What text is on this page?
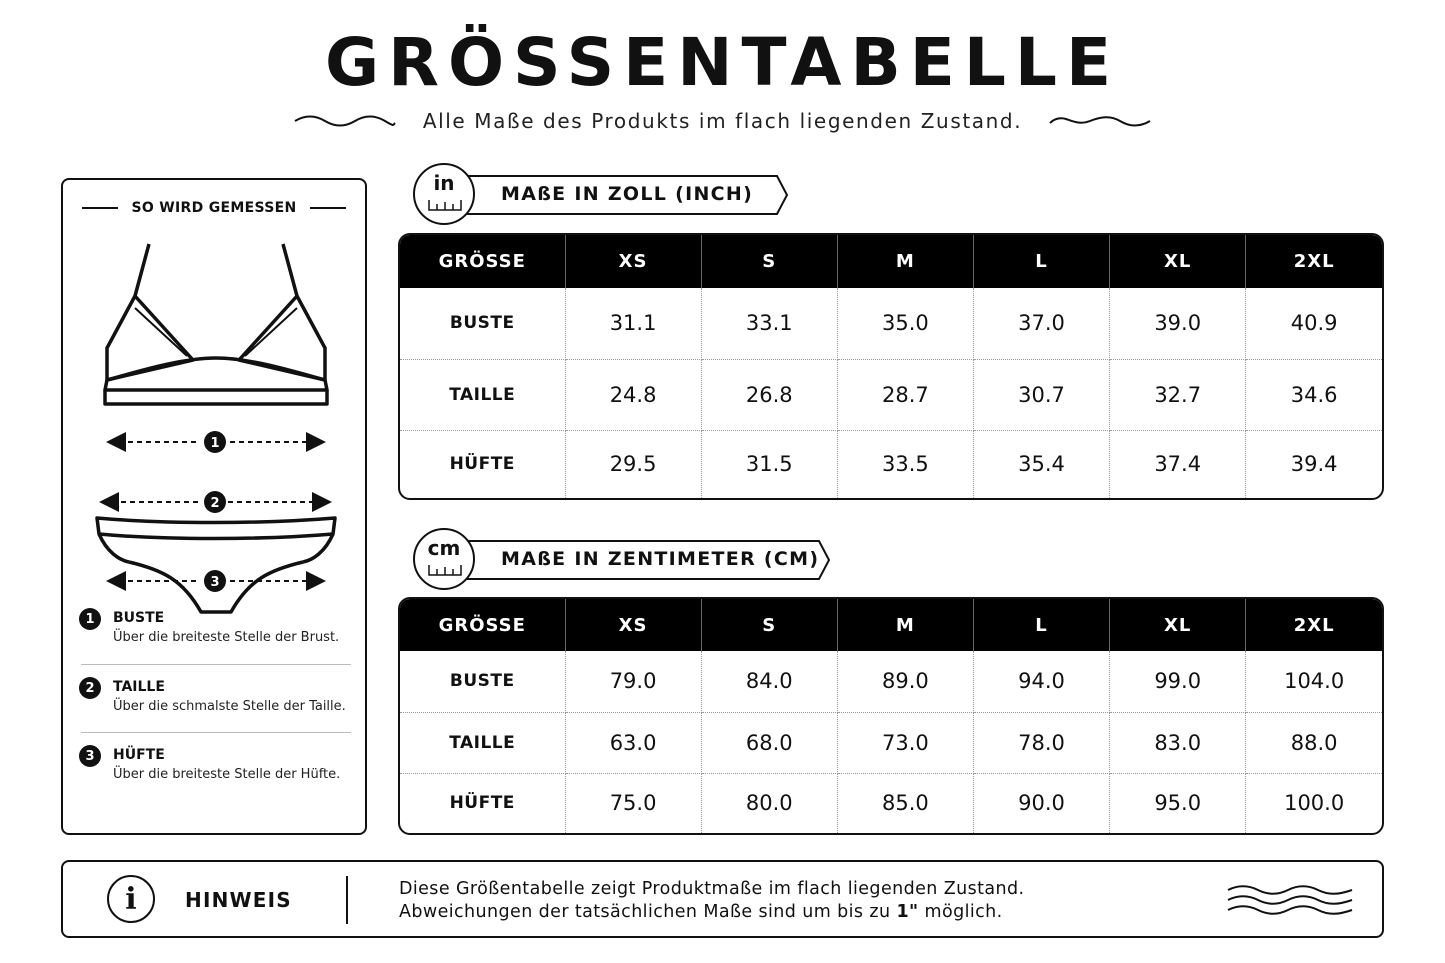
GRÖSSENTABELLE
Alle Maße des Produkts im flach liegenden Zustand.
SO WIRD GEMESSEN
1
2
3
1	BUSTE
Über die breiteste Stelle der Brust.
2	TAILLE
Über die schmalste Stelle der Taille.
3	HÜFTE
Über die breiteste Stelle der Hüfte.
in	MAßE IN ZOLL (INCH)
GRÖSSE	XS	S	M	L	XL	2XL
BUSTE	31.1	33.1	35.0	37.0	39.0	40.9
TAILLE	24.8	26.8	28.7	30.7	32.7	34.6
HÜFTE	29.5	31.5	33.5	35.4	37.4	39.4
cm	MAßE IN ZENTIMETER (CM)
GRÖSSE	XS	S	M	L	XL	2XL
BUSTE	79.0	84.0	89.0	94.0	99.0	104.0
TAILLE	63.0	68.0	73.0	78.0	83.0	88.0
HÜFTE	75.0	80.0	85.0	90.0	95.0	100.0
i	HINWEIS	Diese Größentabelle zeigt Produktmaße im flach liegenden Zustand.
Abweichungen der tatsächlichen Maße sind um bis zu 1" möglich.
